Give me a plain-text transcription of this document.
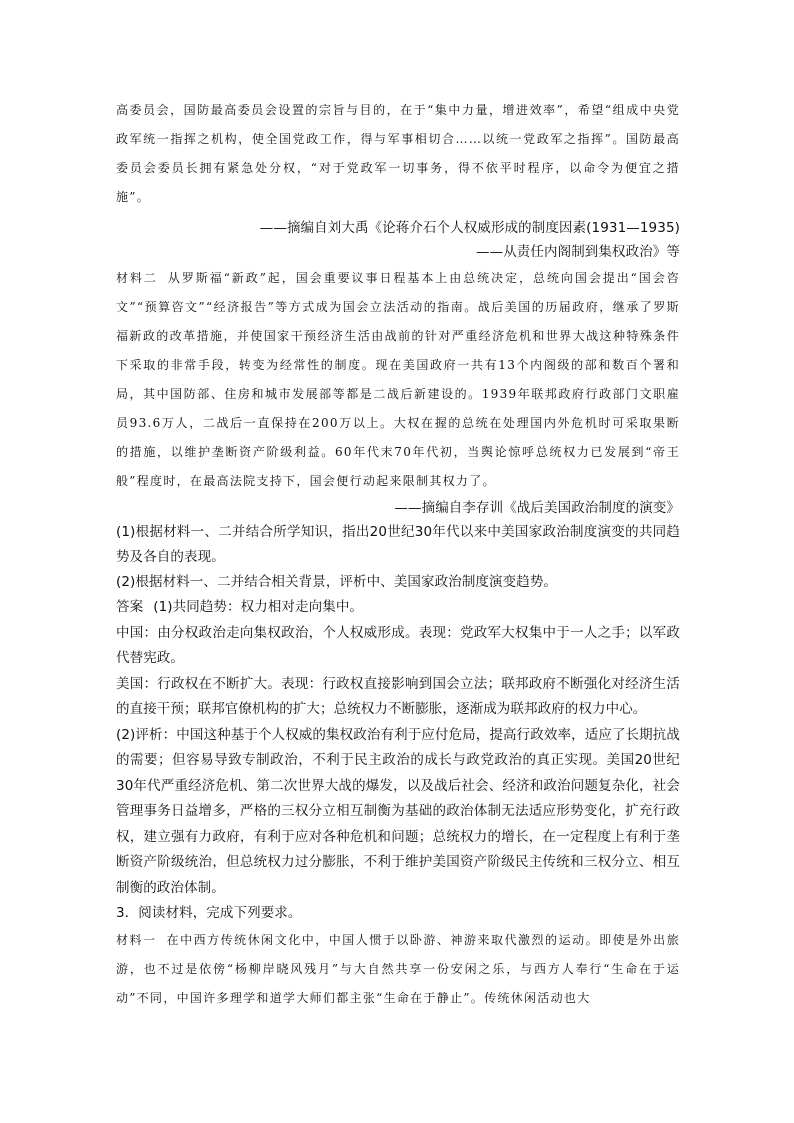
高委员会，国防最高委员会设置的宗旨与目的，在于“集中力量，增进效率”，希望“组成中央党政军统一指挥之机构，使全国党政工作，得与军事相切合……以统一党政军之指挥”。国防最高委员会委员长拥有紧急处分权，“对于党政军一切事务，得不依平时程序，以命令为便宜之措施”。

——摘编自刘大禹《论蒋介石个人权威形成的制度因素(1931—1935)

——从责任内阁制到集权政治》等

材料二 从罗斯福“新政”起，国会重要议事日程基本上由总统决定，总统向国会提出“国会咨文”“预算咨文”“经济报告”等方式成为国会立法活动的指南。战后美国的历届政府，继承了罗斯福新政的改革措施，并使国家干预经济生活由战前的针对严重经济危机和世界大战这种特殊条件下采取的非常手段，转变为经常性的制度。现在美国政府一共有13个内阁级的部和数百个署和局，其中国防部、住房和城市发展部等都是二战后新建设的。1939年联邦政府行政部门文职雇员93.6万人，二战后一直保持在200万以上。大权在握的总统在处理国内外危机时可采取果断的措施，以维护垄断资产阶级利益。60年代末70年代初，当舆论惊呼总统权力已发展到“帝王般”程度时，在最高法院支持下，国会便行动起来限制其权力了。

——摘编自李存训《战后美国政治制度的演变》

(1)根据材料一、二并结合所学知识，指出20世纪30年代以来中美国家政治制度演变的共同趋势及各自的表现。

(2)根据材料一、二并结合相关背景，评析中、美国家政治制度演变趋势。

答案 (1)共同趋势：权力相对走向集中。

中国：由分权政治走向集权政治，个人权威形成。表现：党政军大权集中于一人之手；以军政代替宪政。

美国：行政权在不断扩大。表现：行政权直接影响到国会立法；联邦政府不断强化对经济生活的直接干预；联邦官僚机构的扩大；总统权力不断膨胀，逐渐成为联邦政府的权力中心。

(2)评析：中国这种基于个人权威的集权政治有利于应付危局，提高行政效率，适应了长期抗战的需要；但容易导致专制政治，不利于民主政治的成长与政党政治的真正实现。美国20世纪30年代严重经济危机、第二次世界大战的爆发，以及战后社会、经济和政治问题复杂化，社会管理事务日益增多，严格的三权分立相互制衡为基础的政治体制无法适应形势变化，扩充行政权，建立强有力政府，有利于应对各种危机和问题；总统权力的增长，在一定程度上有利于垄断资产阶级统治，但总统权力过分膨胀，不利于维护美国资产阶级民主传统和三权分立、相互制衡的政治体制。

3．阅读材料，完成下列要求。

材料一 在中西方传统休闲文化中，中国人惯于以卧游、神游来取代激烈的运动。即使是外出旅游，也不过是依傍“杨柳岸晓风残月”与大自然共享一份安闲之乐，与西方人奉行“生命在于运动”不同，中国许多理学和道学大师们都主张“生命在于静止”。传统休闲活动也大
